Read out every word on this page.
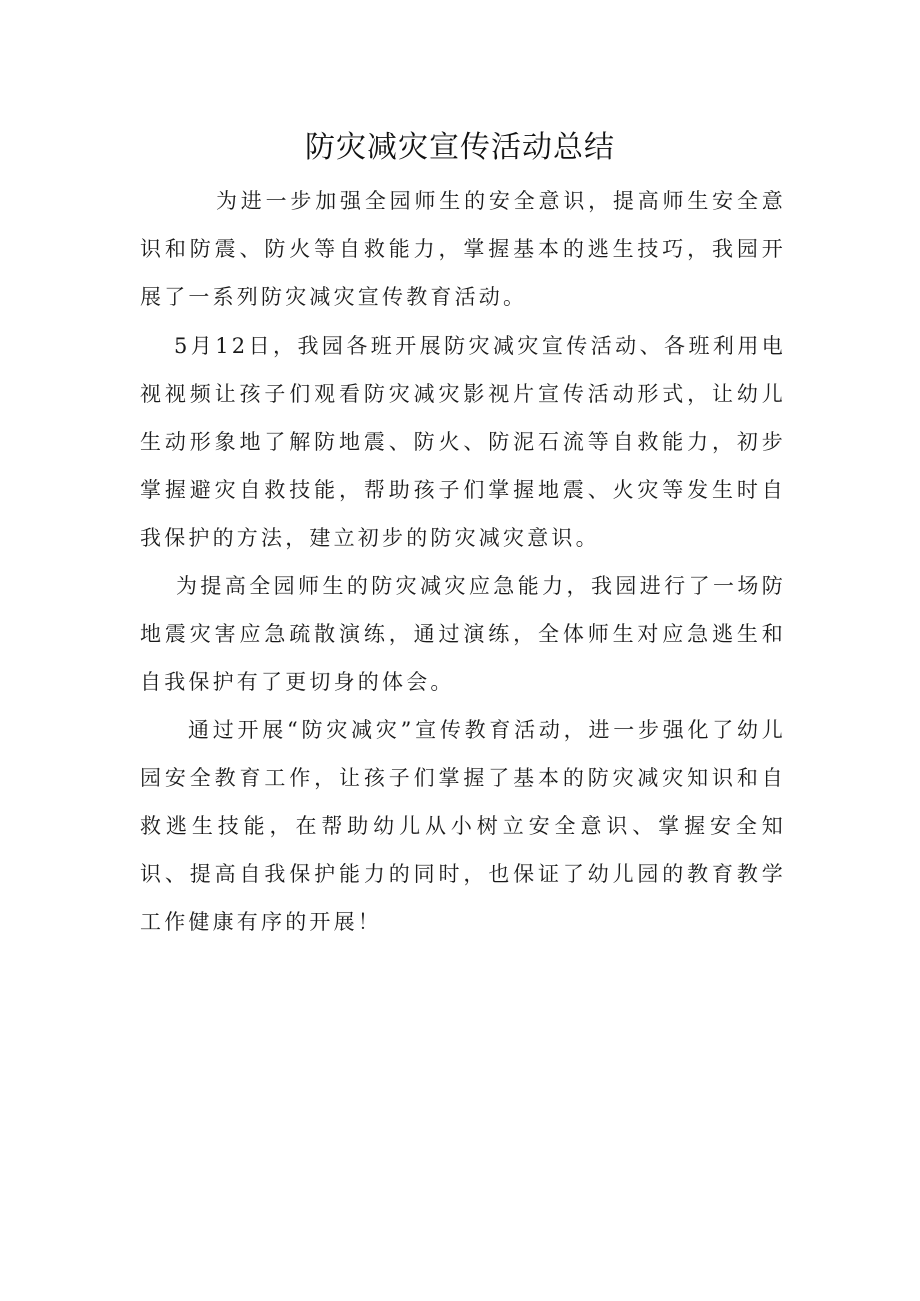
防灾减灾宣传活动总结

为进一步加强全园师生的安全意识，提高师生安全意识和防震、防火等自救能力，掌握基本的逃生技巧，我园开展了一系列防灾减灾宣传教育活动。

5月12日，我园各班开展防灾减灾宣传活动、各班利用电视视频让孩子们观看防灾减灾影视片宣传活动形式，让幼儿生动形象地了解防地震、防火、防泥石流等自救能力，初步掌握避灾自救技能，帮助孩子们掌握地震、火灾等发生时自我保护的方法，建立初步的防灾减灾意识。

为提高全园师生的防灾减灾应急能力，我园进行了一场防地震灾害应急疏散演练，通过演练，全体师生对应急逃生和自我保护有了更切身的体会。

通过开展“防灾减灾”宣传教育活动，进一步强化了幼儿园安全教育工作，让孩子们掌握了基本的防灾减灾知识和自救逃生技能，在帮助幼儿从小树立安全意识、掌握安全知识、提高自我保护能力的同时，也保证了幼儿园的教育教学工作健康有序的开展！
